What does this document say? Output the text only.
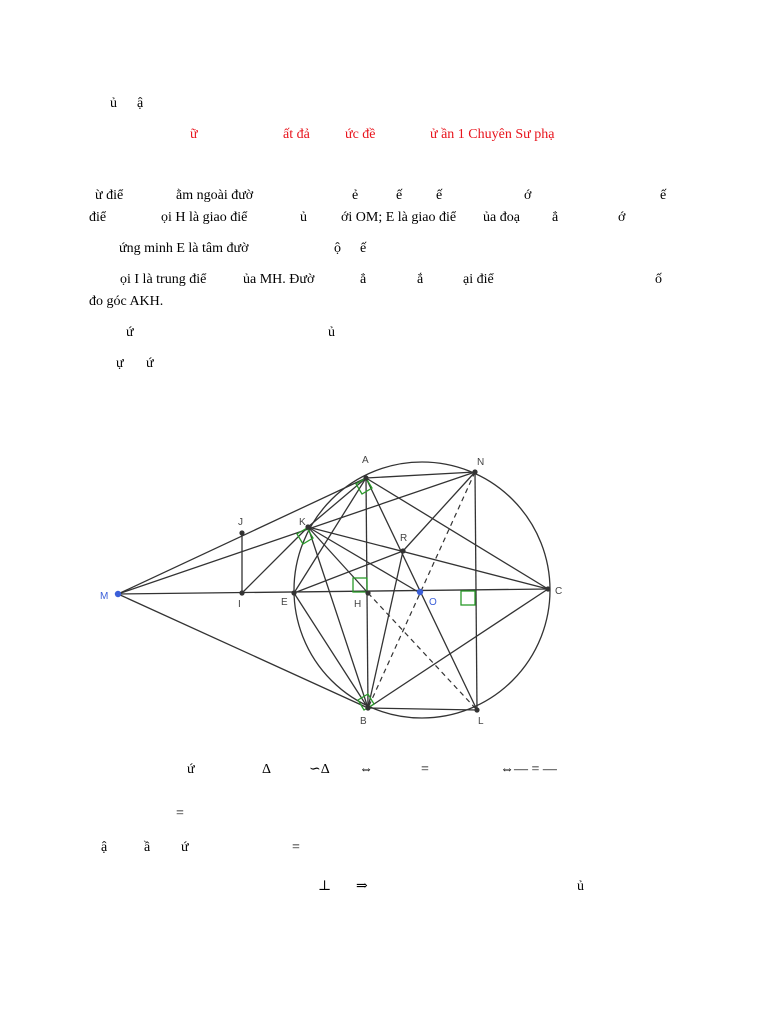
ủ ậ
ữ	ất đả	ức đề	ử ần 1 Chuyên Sư phạ
ừ điể	ằm ngoài đườ	ẻ	ế ế	ớ	ế
điể	ọi H là giao điể	ủ ới OM; E là giao điể ủa đoạ ẳ	ớ
ứng minh E là tâm đườ	ộ ế
ọi I là trung điể	ủa MH. Đườ	ẳ	ắ	ại điể	ố
đo góc AKH.
ứ	ủ
ự ứ
A	N
J	K
R
M
I	E	H	O
C
B	L
ứ	Δ	∽Δ ⇔	=	⇔— = —
=
ậ	ầ ứ	=
⊥ ⇒	ủ
